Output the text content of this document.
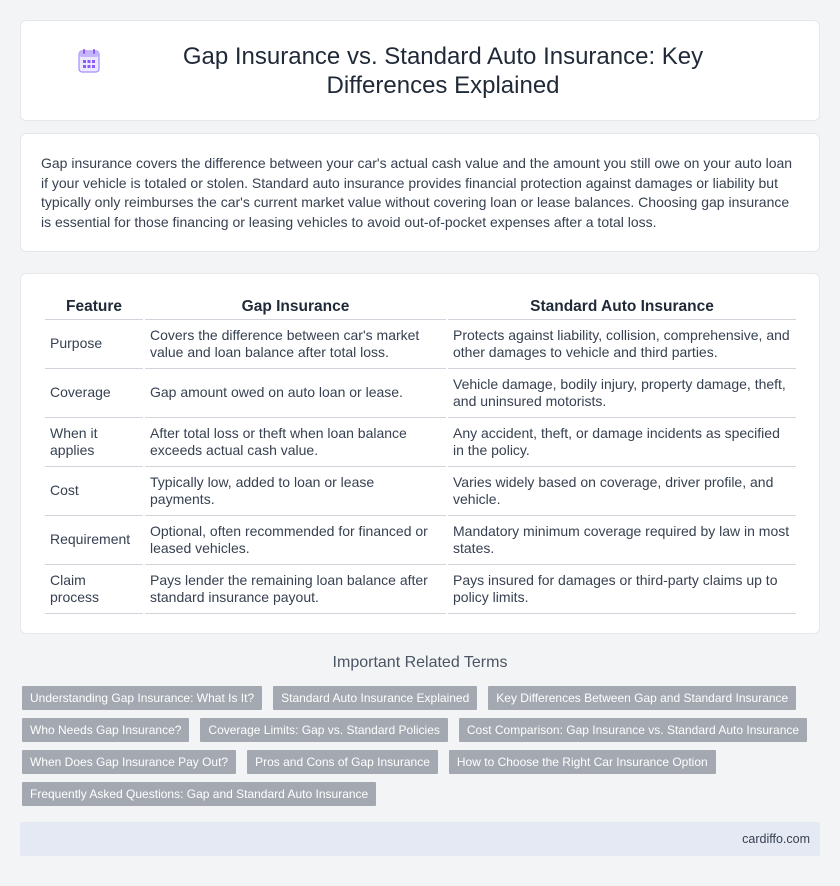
Gap Insurance vs. Standard Auto Insurance: Key Differences Explained

Gap insurance covers the difference between your car's actual cash value and the amount you still owe on your auto loan if your vehicle is totaled or stolen. Standard auto insurance provides financial protection against damages or liability but typically only reimburses the car's current market value without covering loan or lease balances. Choosing gap insurance is essential for those financing or leasing vehicles to avoid out-of-pocket expenses after a total loss.

Feature	Gap Insurance	Standard Auto Insurance
Purpose	Covers the difference between car's market value and loan balance after total loss.	Protects against liability, collision, comprehensive, and other damages to vehicle and third parties.
Coverage	Gap amount owed on auto loan or lease.	Vehicle damage, bodily injury, property damage, theft, and uninsured motorists.
When it applies	After total loss or theft when loan balance exceeds actual cash value.	Any accident, theft, or damage incidents as specified in the policy.
Cost	Typically low, added to loan or lease payments.	Varies widely based on coverage, driver profile, and vehicle.
Requirement	Optional, often recommended for financed or leased vehicles.	Mandatory minimum coverage required by law in most states.
Claim process	Pays lender the remaining loan balance after standard insurance payout.	Pays insured for damages or third-party claims up to policy limits.
Important Related Terms
Understanding Gap Insurance: What Is It?	Standard Auto Insurance Explained	Key Differences Between Gap and Standard Insurance
Who Needs Gap Insurance?	Coverage Limits: Gap vs. Standard Policies	Cost Comparison: Gap Insurance vs. Standard Auto Insurance
When Does Gap Insurance Pay Out?	Pros and Cons of Gap Insurance	How to Choose the Right Car Insurance Option
Frequently Asked Questions: Gap and Standard Auto Insurance
cardiffo.com
